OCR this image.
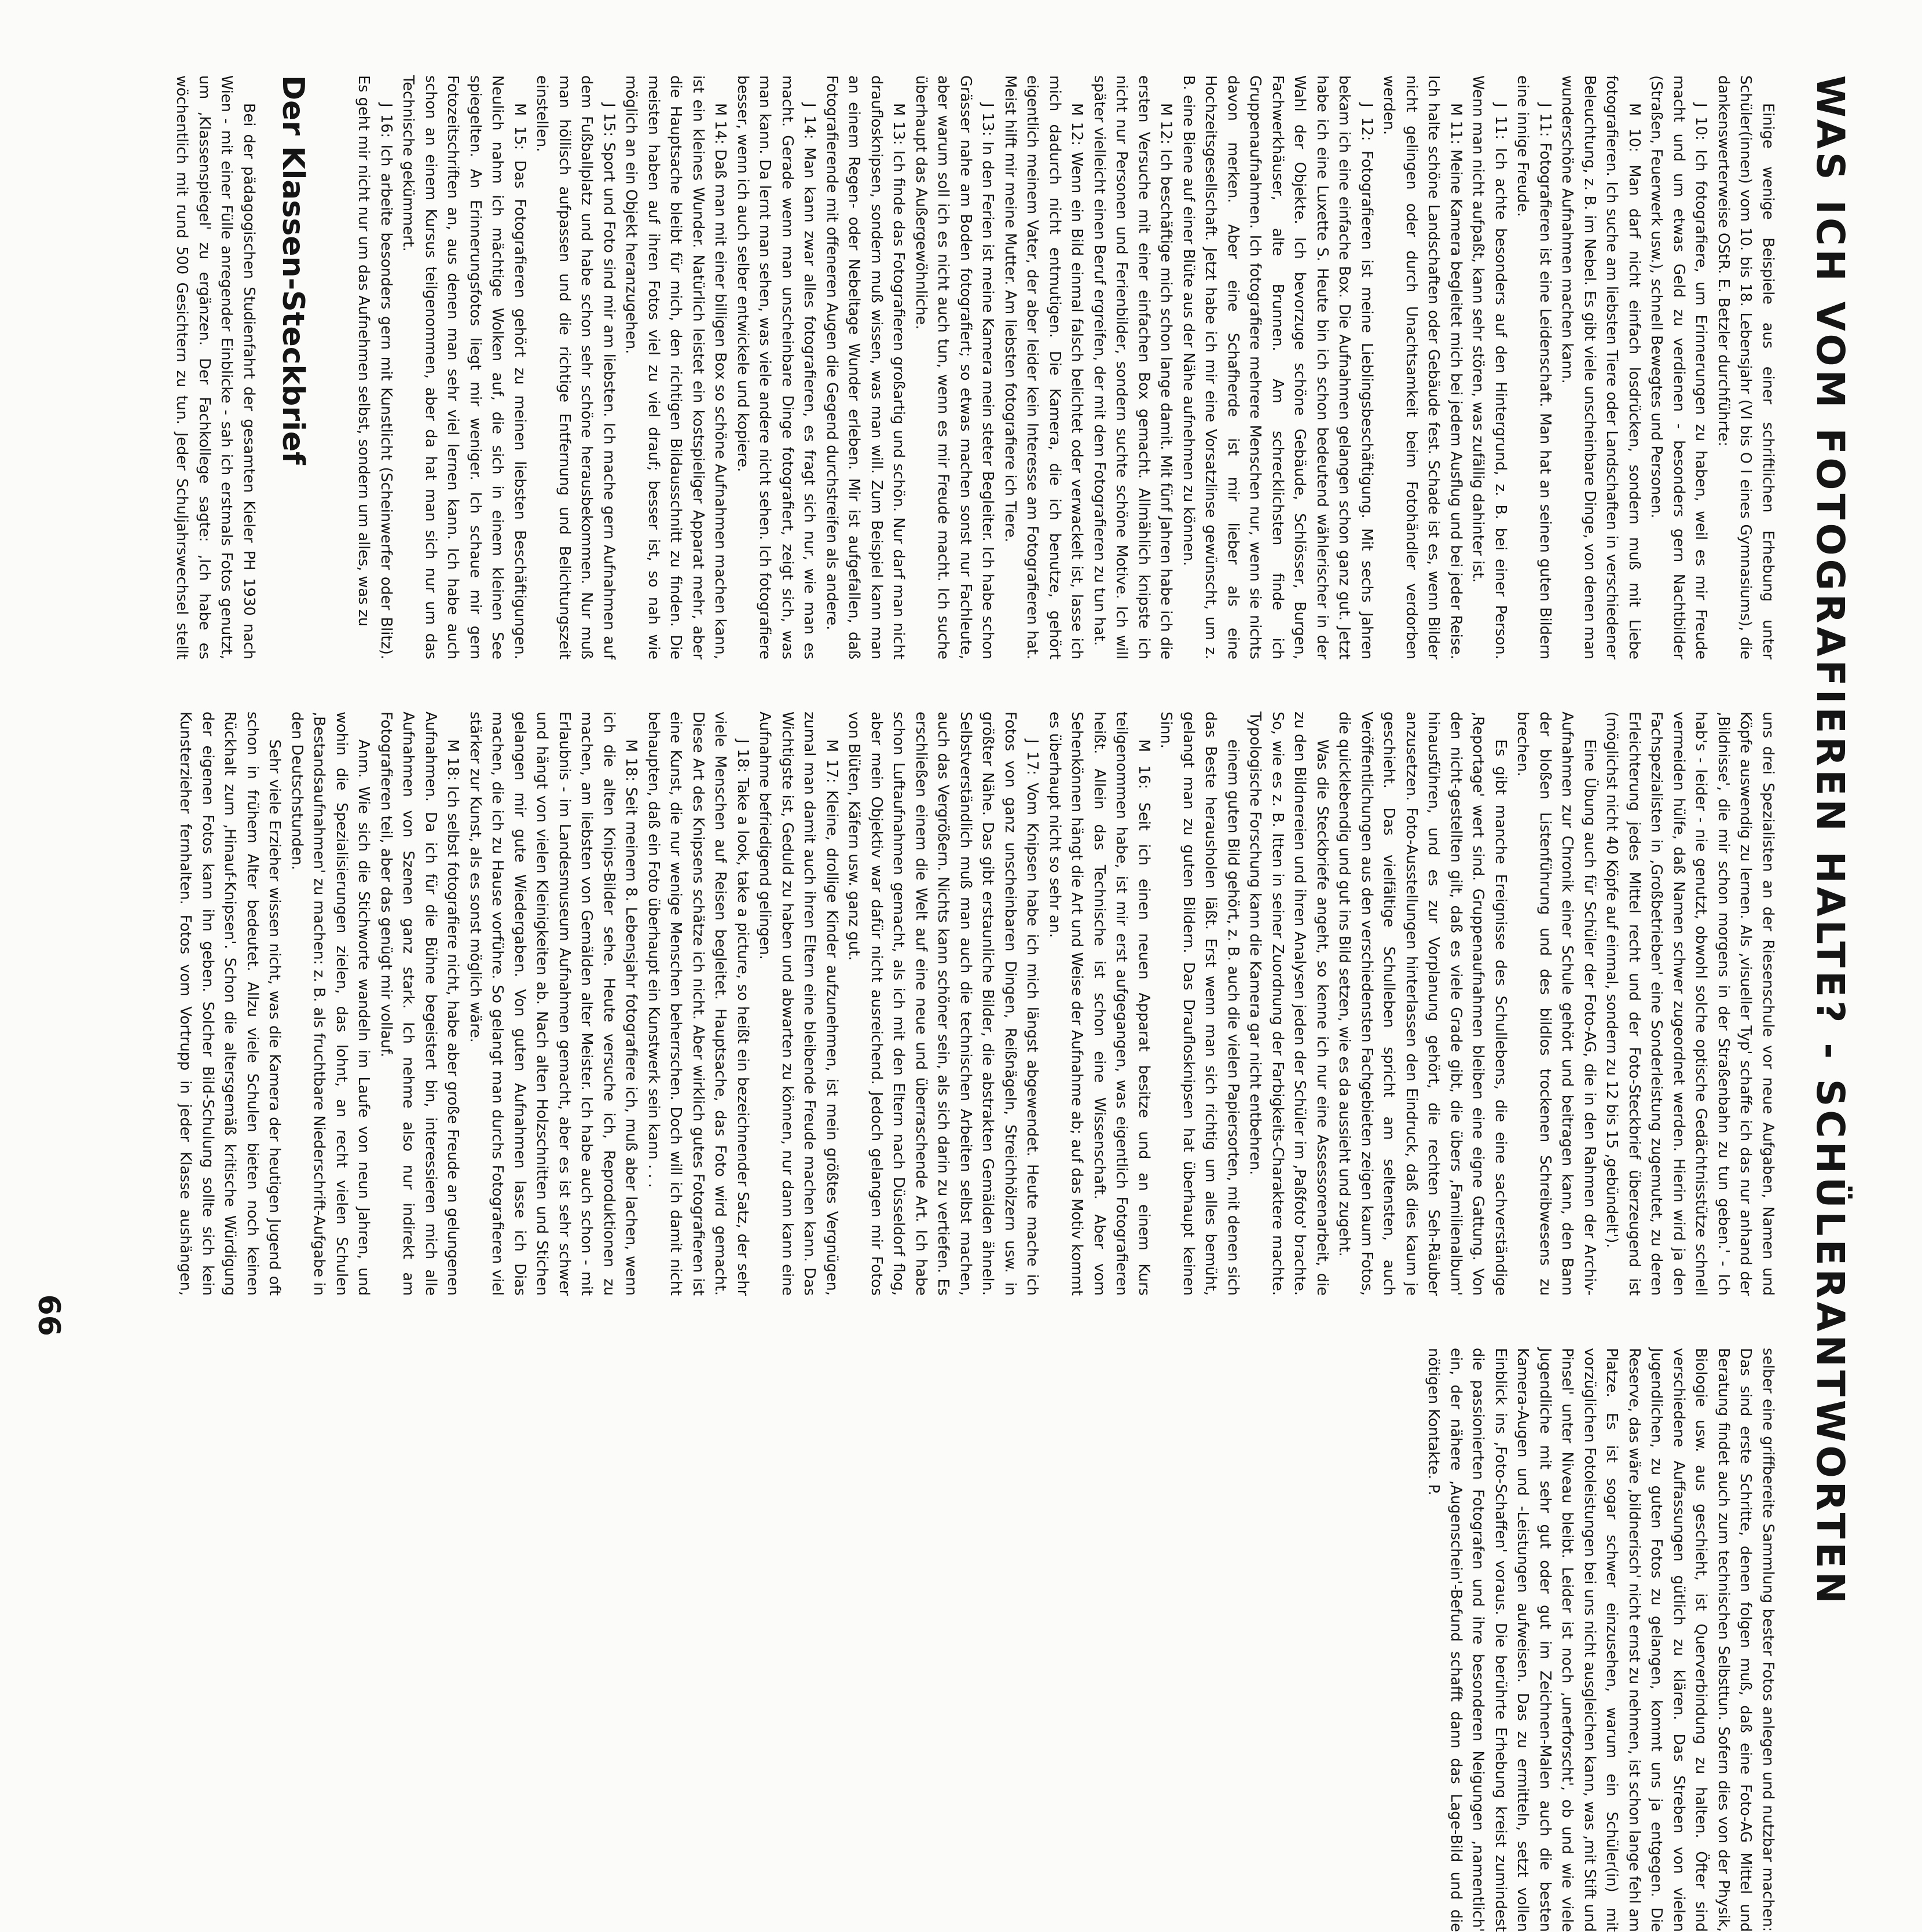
WAS ICH VOM FOTOGRAFIEREN HALTE? - SCHÜLERANTWORTEN

Einige wenige Beispiele aus einer schriftlichen Erhebung unter Schüler(innen) vom 10. bis 18. Lebensjahr (VI bis O I eines Gymnasiums), die dankenswerterweise OStR. E. Betzler durchführte:

J 10: Ich fotografiere, um Erinnerungen zu haben, weil es mir Freude macht und um etwas Geld zu verdienen - besonders gern Nachtbilder (Straßen, Feuerwerk usw.), schnell Bewegtes und Personen.

M 10: Man darf nicht einfach losdrücken, sondern muß mit Liebe fotografieren. Ich suche am liebsten Tiere oder Landschaften in verschiedener Beleuchtung, z. B. im Nebel. Es gibt viele unscheinbare Dinge, von denen man wunderschöne Aufnahmen machen kann.

J 11: Fotografieren ist eine Leidenschaft. Man hat an seinen guten Bildern eine innige Freude.

J 11: Ich achte besonders auf den Hintergrund, z. B. bei einer Person. Wenn man nicht aufpaßt, kann sehr stören, was zufällig dahinter ist.

M 11: Meine Kamera begleitet mich bei jedem Ausflug und bei jeder Reise. Ich halte schöne Landschaften oder Gebäude fest. Schade ist es, wenn Bilder nicht gelingen oder durch Unachtsamkeit beim Fotohändler verdorben werden.

J 12: Fotografieren ist meine Lieblingsbeschäftigung. Mit sechs Jahren bekam ich eine einfache Box. Die Aufnahmen gelangen schon ganz gut. Jetzt habe ich eine Luxette S. Heute bin ich schon bedeutend wählerischer in der Wahl der Objekte. Ich bevorzuge schöne Gebäude, Schlösser, Burgen, Fachwerkhäuser, alte Brunnen. Am schrecklichsten finde ich Gruppenaufnahmen. Ich fotografiere mehrere Menschen nur, wenn sie nichts davon merken. Aber eine Schafherde ist mir lieber als eine Hochzeitsgesellschaft. Jetzt habe ich mir eine Vorsatzlinse gewünscht, um z. B. eine Biene auf einer Blüte aus der Nähe aufnehmen zu können.

M 12: Ich beschäftige mich schon lange damit. Mit fünf Jahren habe ich die ersten Versuche mit einer einfachen Box gemacht. Allmählich knipste ich nicht nur Personen und Ferienbilder, sondern suchte schöne Motive. Ich will später vielleicht einen Beruf ergreifen, der mit dem Fotografieren zu tun hat.

M 12: Wenn ein Bild einmal falsch belichtet oder verwackelt ist, lasse ich mich dadurch nicht entmutigen. Die Kamera, die ich benutze, gehört eigentlich meinem Vater, der aber leider kein Interesse am Fotografieren hat. Meist hilft mir meine Mutter. Am liebsten fotografiere ich Tiere.

J 13: In den Ferien ist meine Kamera mein steter Begleiter. Ich habe schon Grässer nahe am Boden fotografiert; so etwas machen sonst nur Fachleute, aber warum soll ich es nicht auch tun, wenn es mir Freude macht. Ich suche überhaupt das Außergewöhnliche.

M 13: Ich finde das Fotografieren großartig und schön. Nur darf man nicht drauflosknipsen, sondern muß wissen, was man will. Zum Beispiel kann man an einem Regen- oder Nebeltage Wunder erleben. Mir ist aufgefallen, daß Fotografierende mit offeneren Augen die Gegend durchstreifen als andere.

J 14: Man kann zwar alles fotografieren, es fragt sich nur, wie man es macht. Gerade wenn man unscheinbare Dinge fotografiert, zeigt sich, was man kann. Da lernt man sehen, was viele andere nicht sehen. Ich fotografiere besser, wenn ich auch selber entwickele und kopiere.

M 14: Daß man mit einer billigen Box so schöne Aufnahmen machen kann, ist ein kleines Wunder. Natürlich leistet ein kostspieliger Apparat mehr, aber die Hauptsache bleibt für mich, den richtigen Bildausschnitt zu finden. Die meisten haben auf ihren Fotos viel zu viel drauf; besser ist, so nah wie möglich an ein Objekt heranzugehen.

J 15: Sport und Foto sind mir am liebsten. Ich mache gern Aufnahmen auf dem Fußballplatz und habe schon sehr schöne herausbekommen. Nur muß man höllisch aufpassen und die richtige Entfernung und Belichtungszeit einstellen.

M 15: Das Fotografieren gehört zu meinen liebsten Beschäftigungen. Neulich nahm ich mächtige Wolken auf, die sich in einem kleinen See spiegelten. An Erinnerungsfotos liegt mir weniger. Ich schaue mir gern Fotozeitschriften an, aus denen man sehr viel lernen kann. Ich habe auch schon an einem Kursus teilgenommen, aber da hat man sich nur um das Technische gekümmert.

J 16: Ich arbeite besonders gern mit Kunstlicht (Scheinwerfer oder Blitz). Es geht mir nicht nur um das Aufnehmen selbst, sondern um alles, was zu

Der Klassen-Steckbrief

Bei der pädagogischen Studienfahrt der gesamten Kieler PH 1930 nach Wien - mit einer Fülle anregender Einblicke - sah ich erstmals Fotos genutzt, um ‚Klassenspiegel' zu ergänzen. Der Fachkollege sagte: ‚Ich habe es wöchentlich mit rund 500 Gesichtern zu tun. Jeder Schuljahrswechsel stellt uns drei Spezialisten an der Riesenschule vor neue Aufgaben, Namen und Köpfe auswendig zu lernen. Als ‚visueller Typ' schaffe ich das nur anhand der ‚Bildnisse', die mir schon morgens in der Straßenbahn zu tun geben.' - Ich hab's - leider - nie genutzt, obwohl solche optische Gedächtnisstütze schnell vermeiden hülfe, daß Namen schwer zugeordnet werden. Hierin wird ja den Fachspezialisten in ‚Großbetrieben' eine Sonderleistung zugemutet, zu deren Erleichterung jedes Mittel recht und der Foto-Steckbrief überzeugend ist (möglichst nicht 40 Köpfe auf einmal, sondern zu 12 bis 15 ‚gebündelt').

Eine Übung auch für Schüler der Foto-AG, die in den Rahmen der Archiv-Aufnahmen zur Chronik einer Schule gehört und beitragen kann, den Bann der bloßen Listenführung und des bildlos trockenen Schreibwesens zu brechen.

Es gibt manche Ereignisse des Schullebens, die eine sachverständige ‚Reportage' wert sind. Gruppenaufnahmen bleiben eine eigne Gattung. Von den nicht-gestellten gilt, daß es viele Grade gibt, die übers ‚Familienalbum' hinausführen, und es zur Vorplanung gehört, die rechten Seh-Räuber anzusetzen. Foto-Ausstellungen hinterlassen den Eindruck, daß dies kaum je geschieht. Das vielfältige Schulleben spricht am seltensten, auch Veröffentlichungen aus den verschiedensten Fachgebieten zeigen kaum Fotos, die quicklebendig und gut ins Bild setzen, wie es da aussieht und zugeht.

Was die Steckbriefe angeht, so kenne ich nur eine Assessorenarbeit, die zu den Bildnereien und ihren Analysen jeden der Schüler im ‚Paßfoto' brachte. So, wie es z. B. Itten in seiner Zuordnung der Farbigkeits-Charaktere machte. Typologische Forschung kann die Kamera gar nicht entbehren.

einem guten Bild gehört, z. B. auch die vielen Papiersorten, mit denen sich das Beste herausholen läßt. Erst wenn man sich richtig um alles bemüht, gelangt man zu guten Bildern. Das Drauflosknipsen hat überhaupt keinen Sinn.

M 16: Seit ich einen neuen Apparat besitze und an einem Kurs teilgenommen habe, ist mir erst aufgegangen, was eigentlich Fotografieren heißt. Allein das Technische ist schon eine Wissenschaft. Aber vom Sehenkönnen hängt die Art und Weise der Aufnahme ab; auf das Motiv kommt es überhaupt nicht so sehr an.

J 17: Vom Knipsen habe ich mich längst abgewendet. Heute mache ich Fotos von ganz unscheinbaren Dingen, Reißnägeln, Streichhölzern usw. in größter Nähe. Das gibt erstaunliche Bilder, die abstrakten Gemälden ähneln. Selbstverständlich muß man auch die technischen Arbeiten selbst machen, auch das Vergrößern. Nichts kann schöner sein, als sich darin zu vertiefen. Es erschließen einem die Welt auf eine neue und überraschende Art. Ich habe schon Luftaufnahmen gemacht, als ich mit den Eltern nach Düsseldorf flog, aber mein Objektiv war dafür nicht ausreichend. Jedoch gelangen mir Fotos von Blüten, Käfern usw. ganz gut.

M 17: Kleine, drollige Kinder aufzunehmen, ist mein größtes Vergnügen, zumal man damit auch ihren Eltern eine bleibende Freude machen kann. Das Wichtigste ist, Geduld zu haben und abwarten zu können, nur dann kann eine Aufnahme befriedigend gelingen.

J 18: Take a look, take a picture, so heißt ein bezeichnender Satz, der sehr viele Menschen auf Reisen begleitet. Hauptsache, das Foto wird gemacht. Diese Art des Knipsens schätze ich nicht. Aber wirklich gutes Fotografieren ist eine Kunst, die nur wenige Menschen beherrschen. Doch will ich damit nicht behaupten, daß ein Foto überhaupt ein Kunstwerk sein kann . . .

M 18: Seit meinem 8. Lebensjahr fotografiere ich, muß aber lachen, wenn ich die alten Knips-Bilder sehe. Heute versuche ich, Reproduktionen zu machen, am liebsten von Gemälden alter Meister. Ich habe auch schon - mit Erlaubnis - im Landesmuseum Aufnahmen gemacht, aber es ist sehr schwer und hängt von vielen Kleinigkeiten ab. Nach alten Holzschnitten und Stichen gelangen mir gute Wiedergaben. Von guten Aufnahmen lasse ich Dias machen, die ich zu Hause vorführe. So gelangt man durchs Fotografieren viel stärker zur Kunst, als es sonst möglich wäre.

M 18: Ich selbst fotografiere nicht, habe aber große Freude an gelungenen Aufnahmen. Da ich für die Bühne begeistert bin, interessieren mich alle Aufnahmen von Szenen ganz stark. Ich nehme also nur indirekt am Fotografieren teil, aber das genügt mir vollauf.

Anm. Wie sich die Stichworte wandeln im Laufe von neun Jahren, und wohin die Spezialisierungen zielen, das lohnt, an recht vielen Schulen ‚Bestandsaufnahmen' zu machen: z. B. als fruchtbare Niederschrift-Aufgabe in den Deutschstunden.

Sehr viele Erzieher wissen nicht, was die Kamera der heutigen Jugend oft schon in frühem Alter bedeutet. Allzu viele Schulen bieten noch keinen Rückhalt zum ‚Hinauf-Knipsen'. Schon die altersgemäß kritische Würdigung der eigenen Fotos kann ihn geben. Solcher Bild-Schulung sollte sich kein Kunsterzieher fernhalten. Fotos vom Vortrupp in jeder Klasse aushängen, selber eine griffbereite Sammlung bester Fotos anlegen und nutzbar machen: Das sind erste Schritte, denen folgen muß, daß eine Foto-AG Mittel und Beratung findet auch zum technischen Selbsttun. Sofern dies von der Physik, Biologie usw. aus geschieht, ist Querverbindung zu halten. Öfter sind verschiedene Auffassungen gütlich zu klären. Das Streben von vielen Jugendlichen, zu guten Fotos zu gelangen, kommt uns ja entgegen. Die Reserve, das wäre ‚bildnerisch' nicht ernst zu nehmen, ist schon lange fehl am Platze. Es ist sogar schwer einzusehen, warum ein Schüler(in) mit vorzüglichen Fotoleistungen bei uns nicht ausgleichen kann, was ‚mit Stift und Pinsel' unter Niveau bleibt. Leider ist noch ‚unerforscht', ob und wie viele Jugendliche mit sehr gut oder gut im Zeichnen-Malen auch die besten Kamera-Augen und -Leistungen aufweisen. Das zu ermitteln, setzt vollen Einblick ins ‚Foto-Schaffen' voraus. Die berührte Erhebung kreist zumindest die passionierten Fotografen und ihre besonderen Neigungen ‚namentlich' ein, der nähere ‚Augenschein'-Befund schafft dann das Lage-Bild und die nötigen Kontakte. P.

66
